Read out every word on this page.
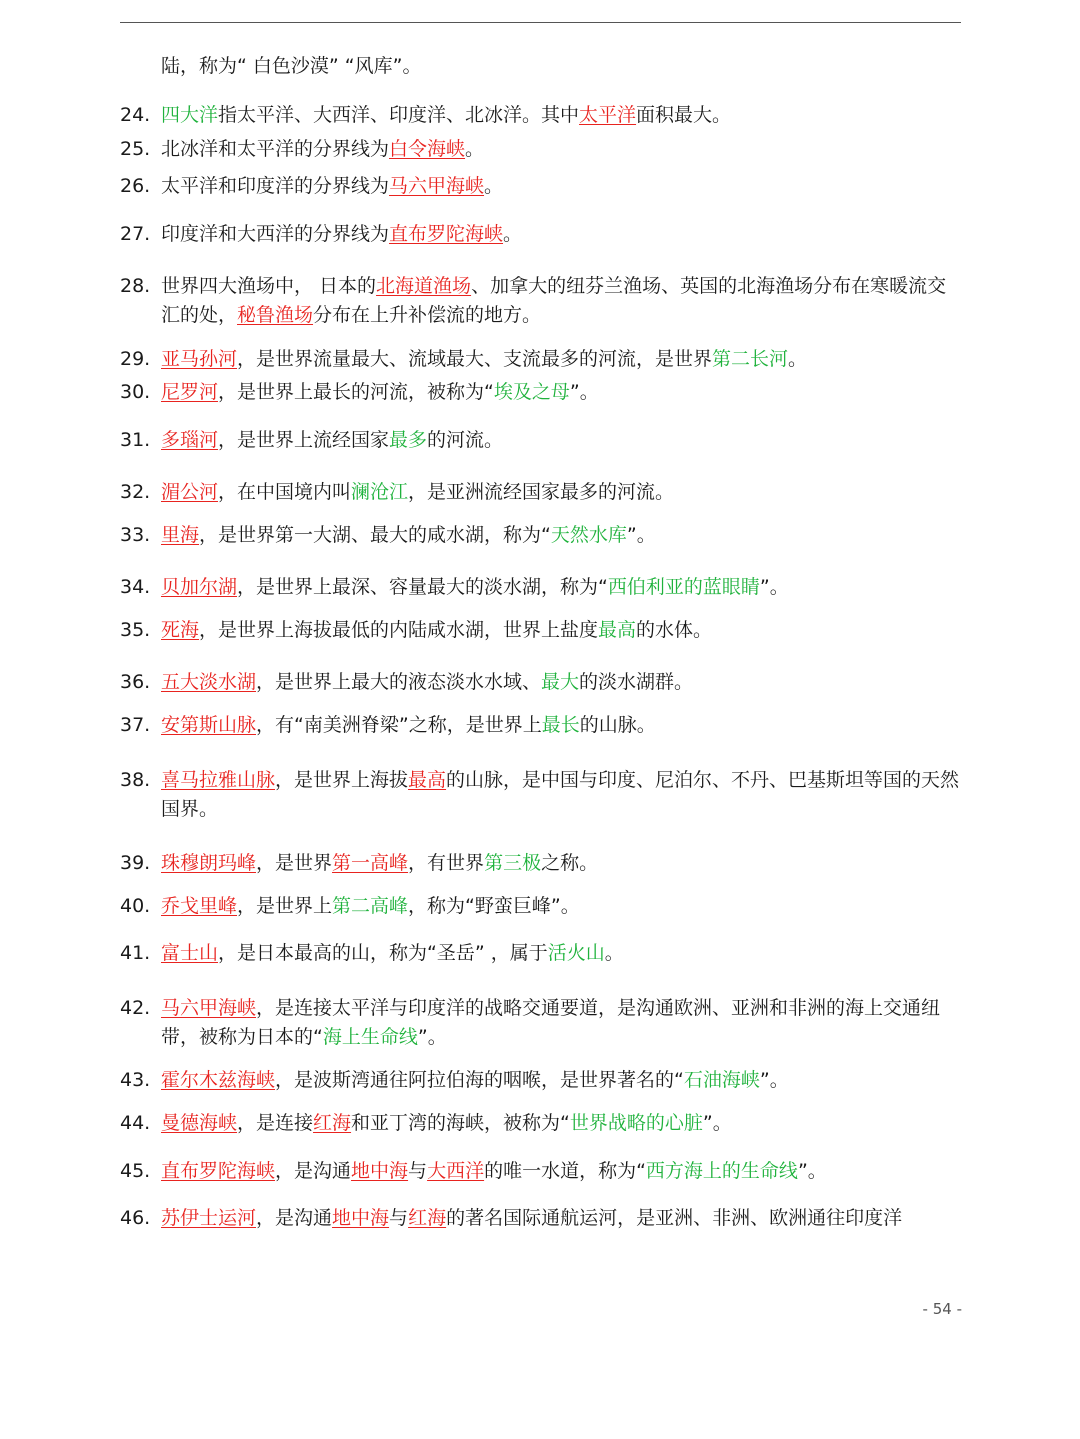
陆，称为“ 白色沙漠” “风库”。
24. 四大洋指太平洋、大西洋、印度洋、北冰洋。其中太平洋面积最大。
25. 北冰洋和太平洋的分界线为白令海峡。
26. 太平洋和印度洋的分界线为马六甲海峡。
27. 印度洋和大西洋的分界线为直布罗陀海峡。
28. 世界四大渔场中， 日本的北海道渔场、加拿大的纽芬兰渔场、英国的北海渔场分布在寒暖流交汇的处，秘鲁渔场分布在上升补偿流的地方。
29. 亚马孙河，是世界流量最大、流域最大、支流最多的河流，是世界第二长河。
30. 尼罗河，是世界上最长的河流，被称为“埃及之母”。
31. 多瑙河，是世界上流经国家最多的河流。
32. 湄公河，在中国境内叫澜沧江，是亚洲流经国家最多的河流。
33. 里海，是世界第一大湖、最大的咸水湖，称为“天然水库”。
34. 贝加尔湖，是世界上最深、容量最大的淡水湖，称为“西伯利亚的蓝眼睛”。
35. 死海，是世界上海拔最低的内陆咸水湖，世界上盐度最高的水体。
36. 五大淡水湖，是世界上最大的液态淡水水域、最大的淡水湖群。
37. 安第斯山脉，有“南美洲脊梁”之称，是世界上最长的山脉。
38. 喜马拉雅山脉，是世界上海拔最高的山脉，是中国与印度、尼泊尔、不丹、巴基斯坦等国的天然国界。
39. 珠穆朗玛峰，是世界第一高峰，有世界第三极之称。
40. 乔戈里峰，是世界上第二高峰，称为“野蛮巨峰”。
41. 富士山，是日本最高的山，称为“圣岳” ，属于活火山。
42. 马六甲海峡，是连接太平洋与印度洋的战略交通要道，是沟通欧洲、亚洲和非洲的海上交通纽带，被称为日本的“海上生命线”。
43. 霍尔木兹海峡，是波斯湾通往阿拉伯海的咽喉，是世界著名的“石油海峡”。
44. 曼德海峡，是连接红海和亚丁湾的海峡，被称为“世界战略的心脏”。
45. 直布罗陀海峡，是沟通地中海与大西洋的唯一水道，称为“西方海上的生命线”。
46. 苏伊士运河，是沟通地中海与红海的著名国际通航运河，是亚洲、非洲、欧洲通往印度洋
- 54 -
